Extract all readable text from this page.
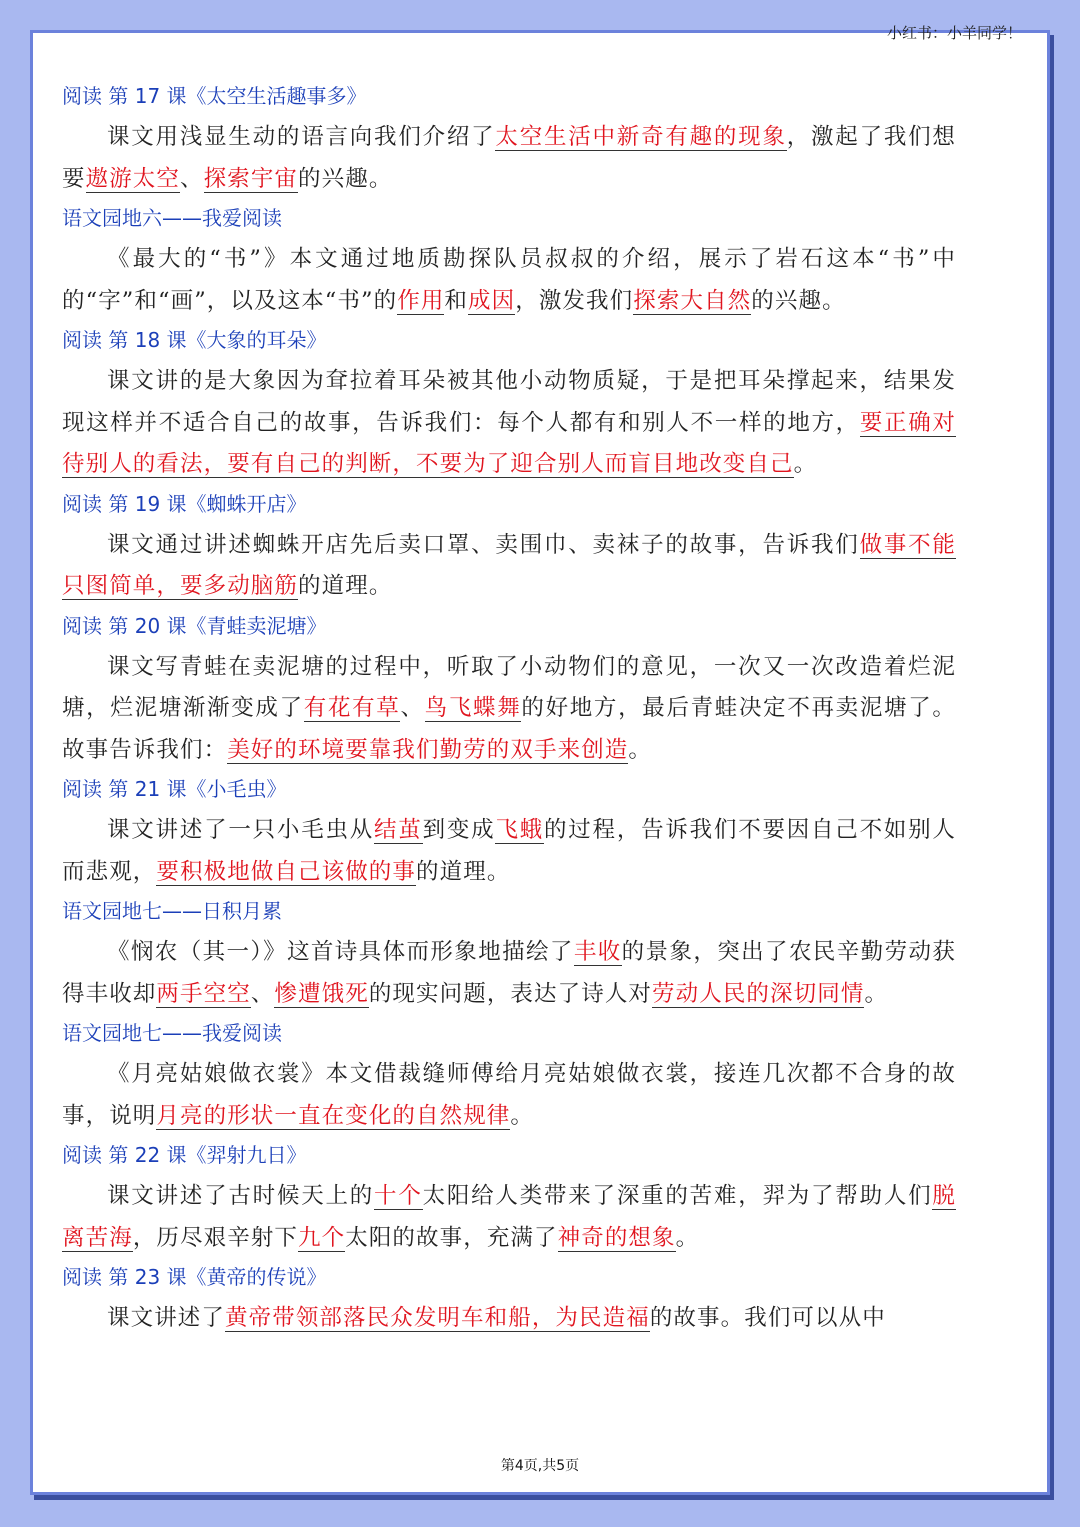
小红书：小羊同学！
阅读 第 17 课《太空生活趣事多》

课文用浅显生动的语言向我们介绍了太空生活中新奇有趣的现象，激起了我们想要遨游太空、探索宇宙的兴趣。

语文园地六——我爱阅读

《最大的“书”》本文通过地质勘探队员叔叔的介绍，展示了岩石这本“书”中的“字”和“画”，以及这本“书”的作用和成因，激发我们探索大自然的兴趣。

阅读 第 18 课《大象的耳朵》

课文讲的是大象因为耷拉着耳朵被其他小动物质疑，于是把耳朵撑起来，结果发现这样并不适合自己的故事，告诉我们：每个人都有和别人不一样的地方，要正确对待别人的看法，要有自己的判断，不要为了迎合别人而盲目地改变自己。

阅读 第 19 课《蜘蛛开店》

课文通过讲述蜘蛛开店先后卖口罩、卖围巾、卖袜子的故事，告诉我们做事不能只图简单，要多动脑筋的道理。

阅读 第 20 课《青蛙卖泥塘》

课文写青蛙在卖泥塘的过程中，听取了小动物们的意见，一次又一次改造着烂泥塘，烂泥塘渐渐变成了有花有草、鸟飞蝶舞的好地方，最后青蛙决定不再卖泥塘了。故事告诉我们：美好的环境要靠我们勤劳的双手来创造。

阅读 第 21 课《小毛虫》

课文讲述了一只小毛虫从结茧到变成飞蛾的过程，告诉我们不要因自己不如别人而悲观，要积极地做自己该做的事的道理。

语文园地七——日积月累

《悯农（其一）》这首诗具体而形象地描绘了丰收的景象，突出了农民辛勤劳动获得丰收却两手空空、惨遭饿死的现实问题，表达了诗人对劳动人民的深切同情。

语文园地七——我爱阅读

《月亮姑娘做衣裳》本文借裁缝师傅给月亮姑娘做衣裳，接连几次都不合身的故事，说明月亮的形状一直在变化的自然规律。

阅读 第 22 课《羿射九日》

课文讲述了古时候天上的十个太阳给人类带来了深重的苦难，羿为了帮助人们脱离苦海，历尽艰辛射下九个太阳的故事，充满了神奇的想象。

阅读 第 23 课《黄帝的传说》

课文讲述了黄帝带领部落民众发明车和船，为民造福的故事。我们可以从中

第4页,共5页
